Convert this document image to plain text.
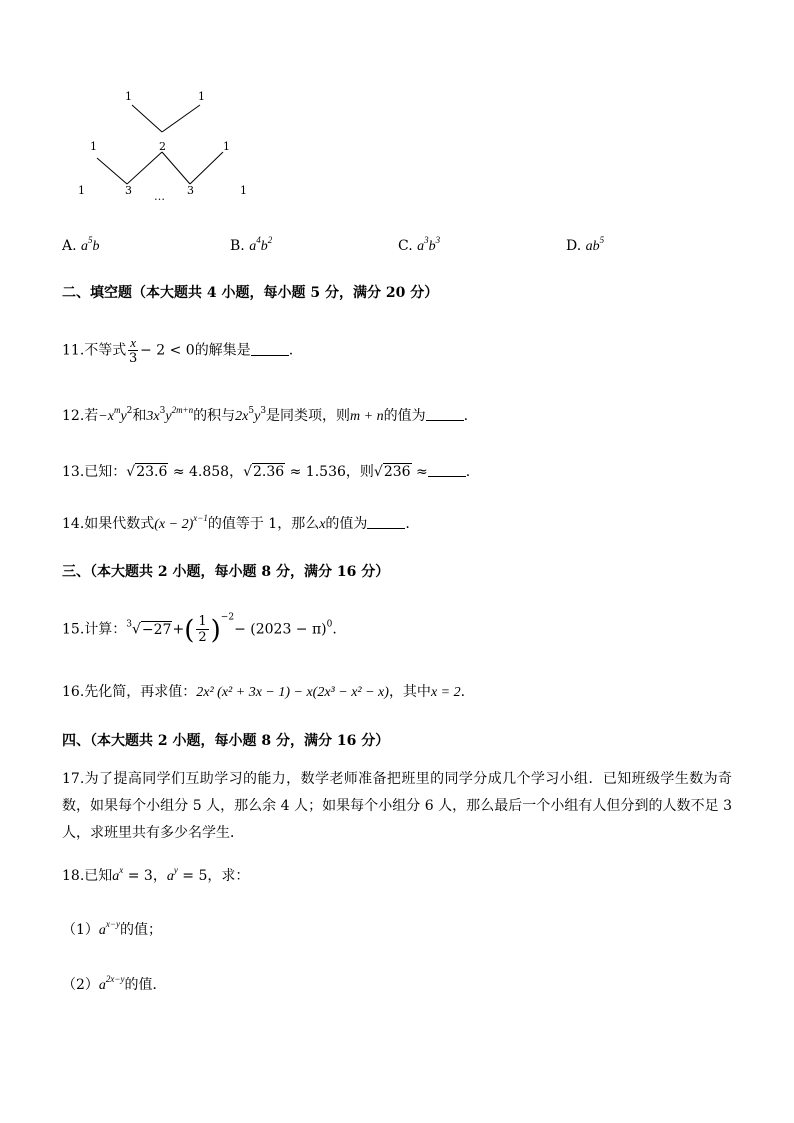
1	1
1	2	1
1	3 … 3	1
A. $a^5b$	B. $a^4b^2$	C. $a^3b^3$	D. $ab^5$
二、填空题（本大题共 4 小题，每小题 5 分，满分 20 分）
11.不等式 $\frac{x}{3} - 2 < 0$的解集是	.
12.若$-x^my^2$和$3x^3y^{2m+n}$的积与$2x^5y^3$是同类项，则m + n的值为	.
13.已知：√23.6 ≈ 4.858，√2.36 ≈ 1.536，则√236 ≈	.
14.如果代数式$(x - 2)^{x-1}$的值等于 1，那么x的值为	.
三、（本大题共 2 小题，每小题 8 分，满分 16 分）
15.计算：$^3√-27+( \frac{1}{2} )^{-2}- (2023 - \pi)^0$.
16.先化简，再求值：2x² (x² + 3x − 1) − x(2x³ − x² − x)，其中x = 2.
四、（本大题共 2 小题，每小题 8 分，满分 16 分）
17.为了提高同学们互助学习的能力，数学老师准备把班里的同学分成几个学习小组．已知班级学生数为奇数，如果每个小组分 5 人，那么余 4 人；如果每个小组分 6 人，那么最后一个小组有人但分到的人数不足 3 人，求班里共有多少名学生．
18.已知$a^x = 3$，$a^y = 5$，求：
$(1)a^{x-y}$的值；
$(2)a^{2x-y}$的值．
